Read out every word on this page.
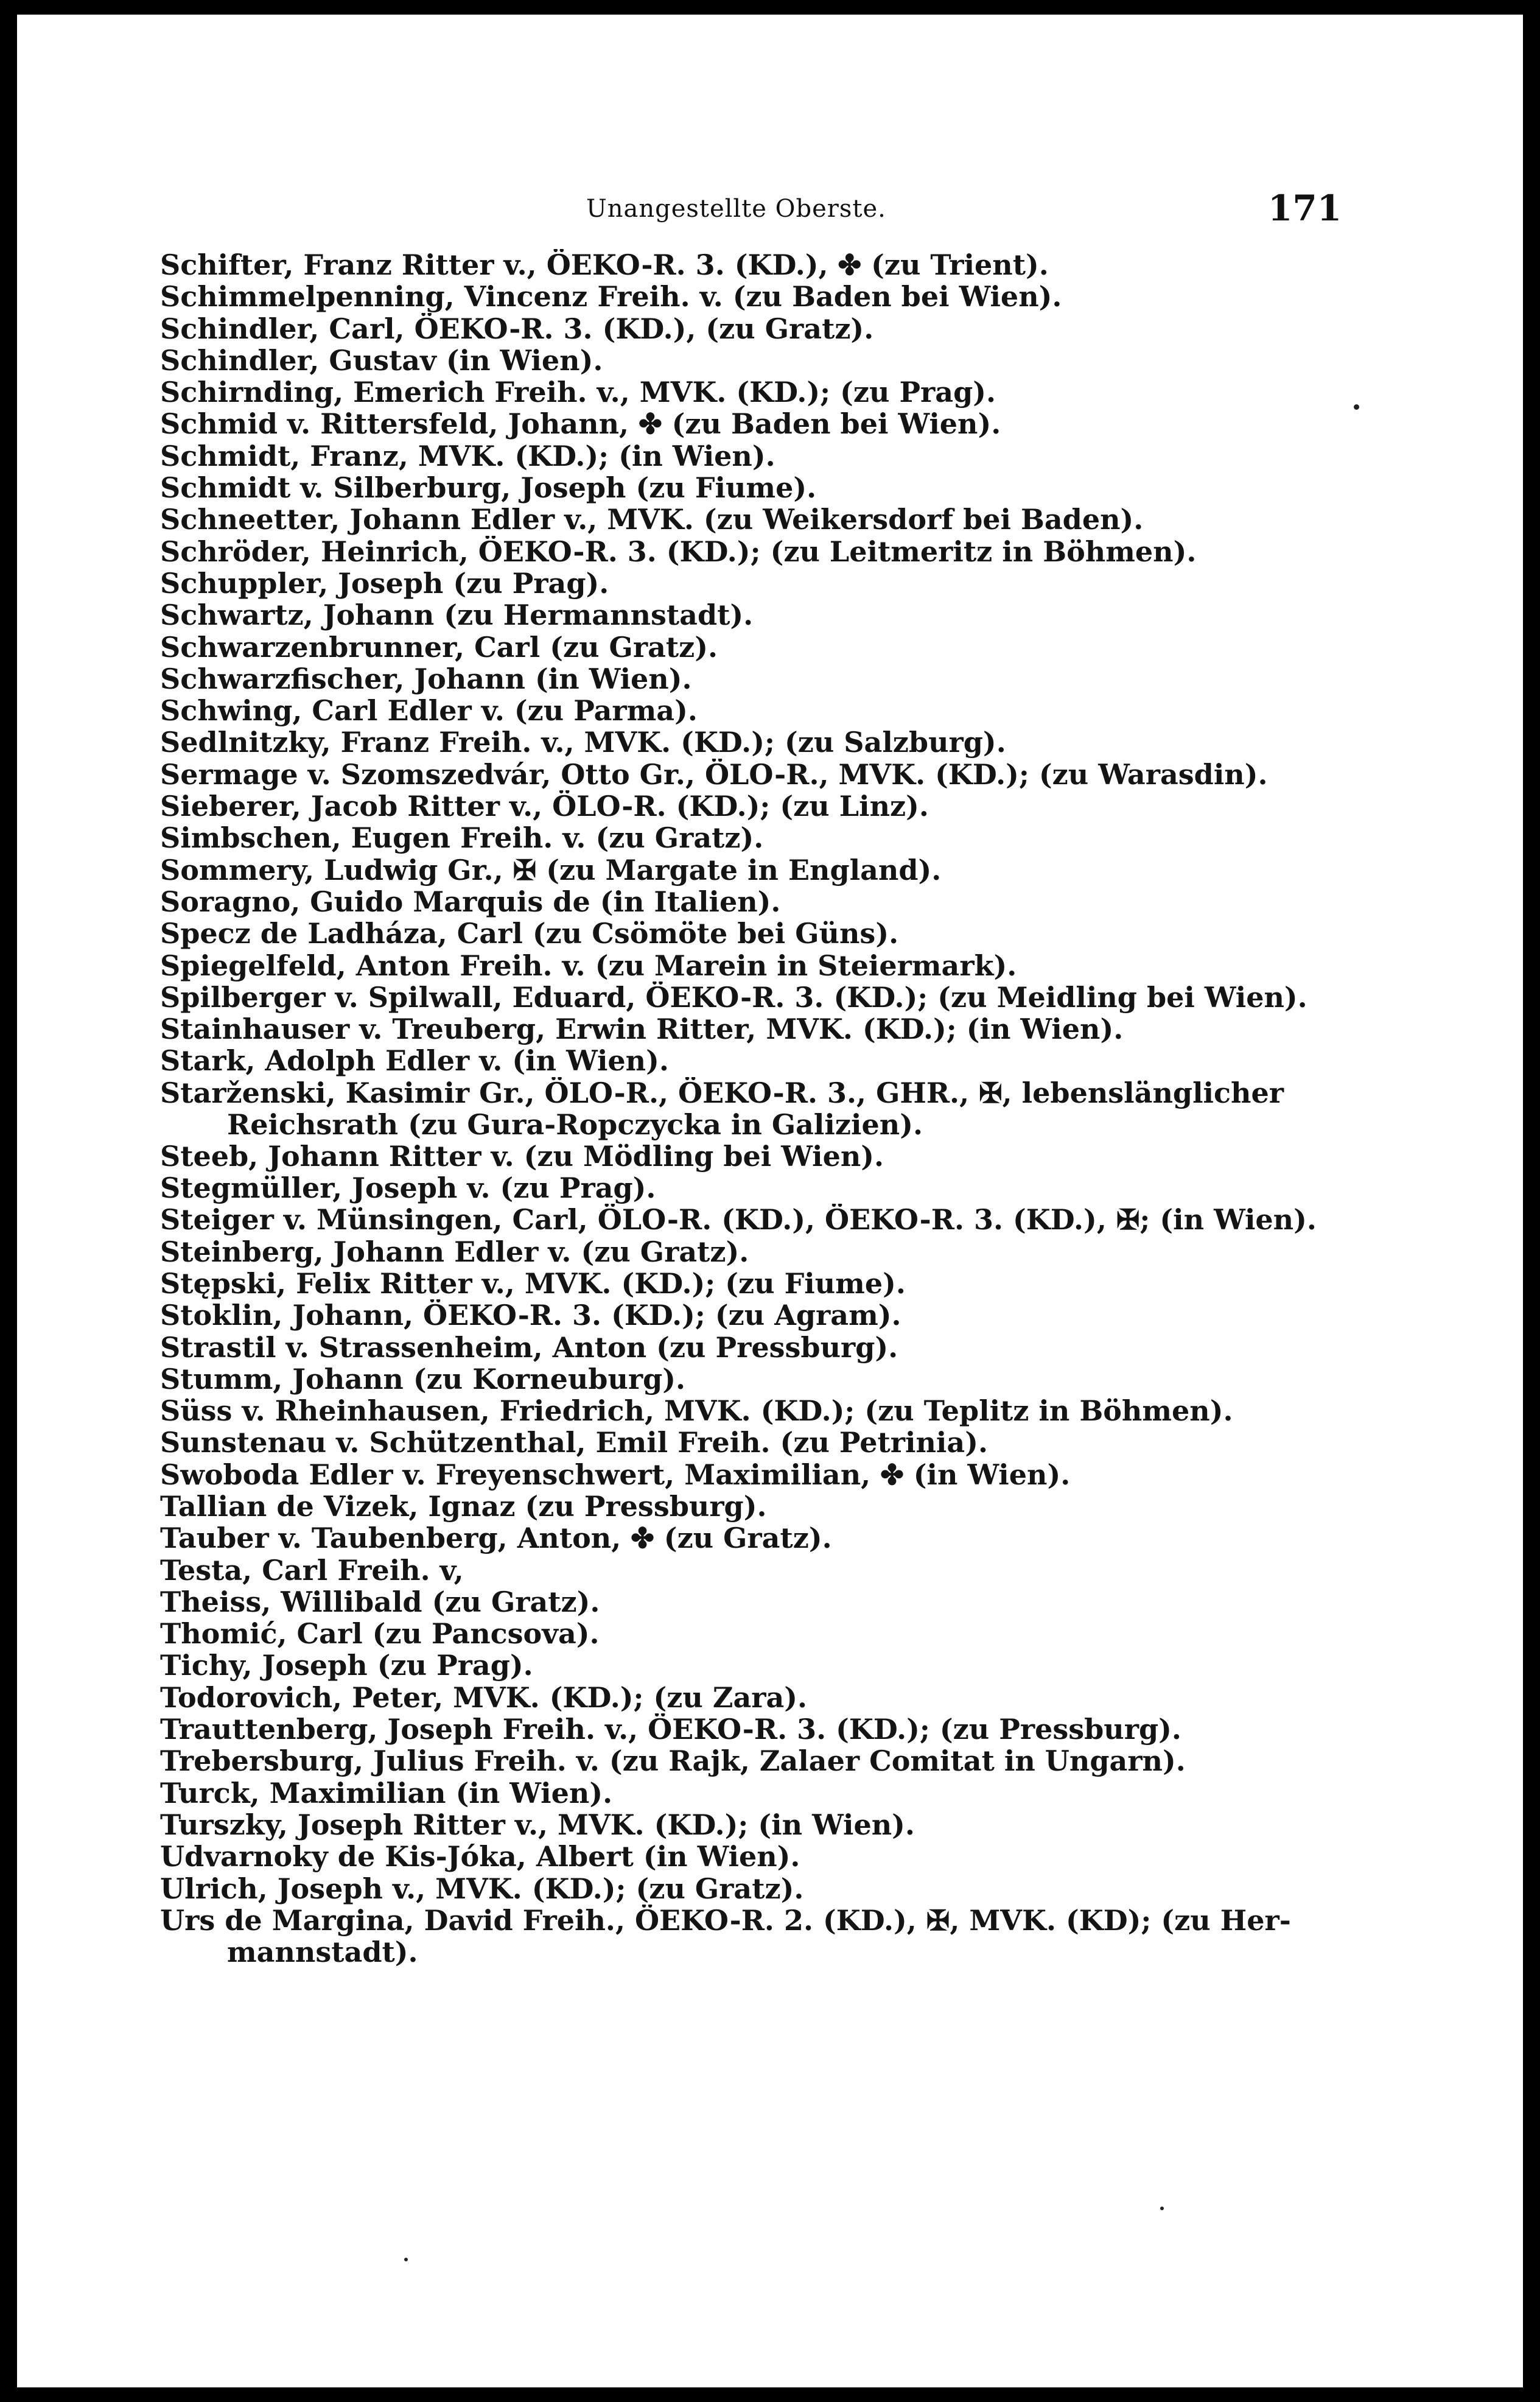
Unangestellte Oberste.	171
Schifter, Franz Ritter v., ÖEKO-R. 3. (KD.), ✤ (zu Trient).
Schimmelpenning, Vincenz Freih. v. (zu Baden bei Wien).
Schindler, Carl, ÖEKO-R. 3. (KD.), (zu Gratz).
Schindler, Gustav (in Wien).
Schirnding, Emerich Freih. v., MVK. (KD.); (zu Prag).
Schmid v. Rittersfeld, Johann, ✤ (zu Baden bei Wien).
Schmidt, Franz, MVK. (KD.); (in Wien).
Schmidt v. Silberburg, Joseph (zu Fiume).
Schneetter, Johann Edler v., MVK. (zu Weikersdorf bei Baden).
Schröder, Heinrich, ÖEKO-R. 3. (KD.); (zu Leitmeritz in Böhmen).
Schuppler, Joseph (zu Prag).
Schwartz, Johann (zu Hermannstadt).
Schwarzenbrunner, Carl (zu Gratz).
Schwarzfischer, Johann (in Wien).
Schwing, Carl Edler v. (zu Parma).
Sedlnitzky, Franz Freih. v., MVK. (KD.); (zu Salzburg).
Sermage v. Szomszedvár, Otto Gr., ÖLO-R., MVK. (KD.); (zu Warasdin).
Sieberer, Jacob Ritter v., ÖLO-R. (KD.); (zu Linz).
Simbschen, Eugen Freih. v. (zu Gratz).
Sommery, Ludwig Gr., ✠ (zu Margate in England).
Soragno, Guido Marquis de (in Italien).
Specz de Ladháza, Carl (zu Csömöte bei Güns).
Spiegelfeld, Anton Freih. v. (zu Marein in Steiermark).
Spilberger v. Spilwall, Eduard, ÖEKO-R. 3. (KD.); (zu Meidling bei Wien).
Stainhauser v. Treuberg, Erwin Ritter, MVK. (KD.); (in Wien).
Stark, Adolph Edler v. (in Wien).
Starženski, Kasimir Gr., ÖLO-R., ÖEKO-R. 3., GHR., ✠, lebenslänglicher
Reichsrath (zu Gura-Ropczycka in Galizien).
Steeb, Johann Ritter v. (zu Mödling bei Wien).
Stegmüller, Joseph v. (zu Prag).
Steiger v. Münsingen, Carl, ÖLO-R. (KD.), ÖEKO-R. 3. (KD.), ✠; (in Wien).
Steinberg, Johann Edler v. (zu Gratz).
Stępski, Felix Ritter v., MVK. (KD.); (zu Fiume).
Stoklin, Johann, ÖEKO-R. 3. (KD.); (zu Agram).
Strastil v. Strassenheim, Anton (zu Pressburg).
Stumm, Johann (zu Korneuburg).
Süss v. Rheinhausen, Friedrich, MVK. (KD.); (zu Teplitz in Böhmen).
Sunstenau v. Schützenthal, Emil Freih. (zu Petrinia).
Swoboda Edler v. Freyenschwert, Maximilian, ✤ (in Wien).
Tallian de Vizek, Ignaz (zu Pressburg).
Tauber v. Taubenberg, Anton, ✤ (zu Gratz).
Testa, Carl Freih. v,
Theiss, Willibald (zu Gratz).
Thomić, Carl (zu Pancsova).
Tichy, Joseph (zu Prag).
Todorovich, Peter, MVK. (KD.); (zu Zara).
Trauttenberg, Joseph Freih. v., ÖEKO-R. 3. (KD.); (zu Pressburg).
Trebersburg, Julius Freih. v. (zu Rajk, Zalaer Comitat in Ungarn).
Turck, Maximilian (in Wien).
Turszky, Joseph Ritter v., MVK. (KD.); (in Wien).
Udvarnoky de Kis-Jóka, Albert (in Wien).
Ulrich, Joseph v., MVK. (KD.); (zu Gratz).
Urs de Margina, David Freih., ÖEKO-R. 2. (KD.), ✠, MVK. (KD); (zu Her-
mannstadt).
